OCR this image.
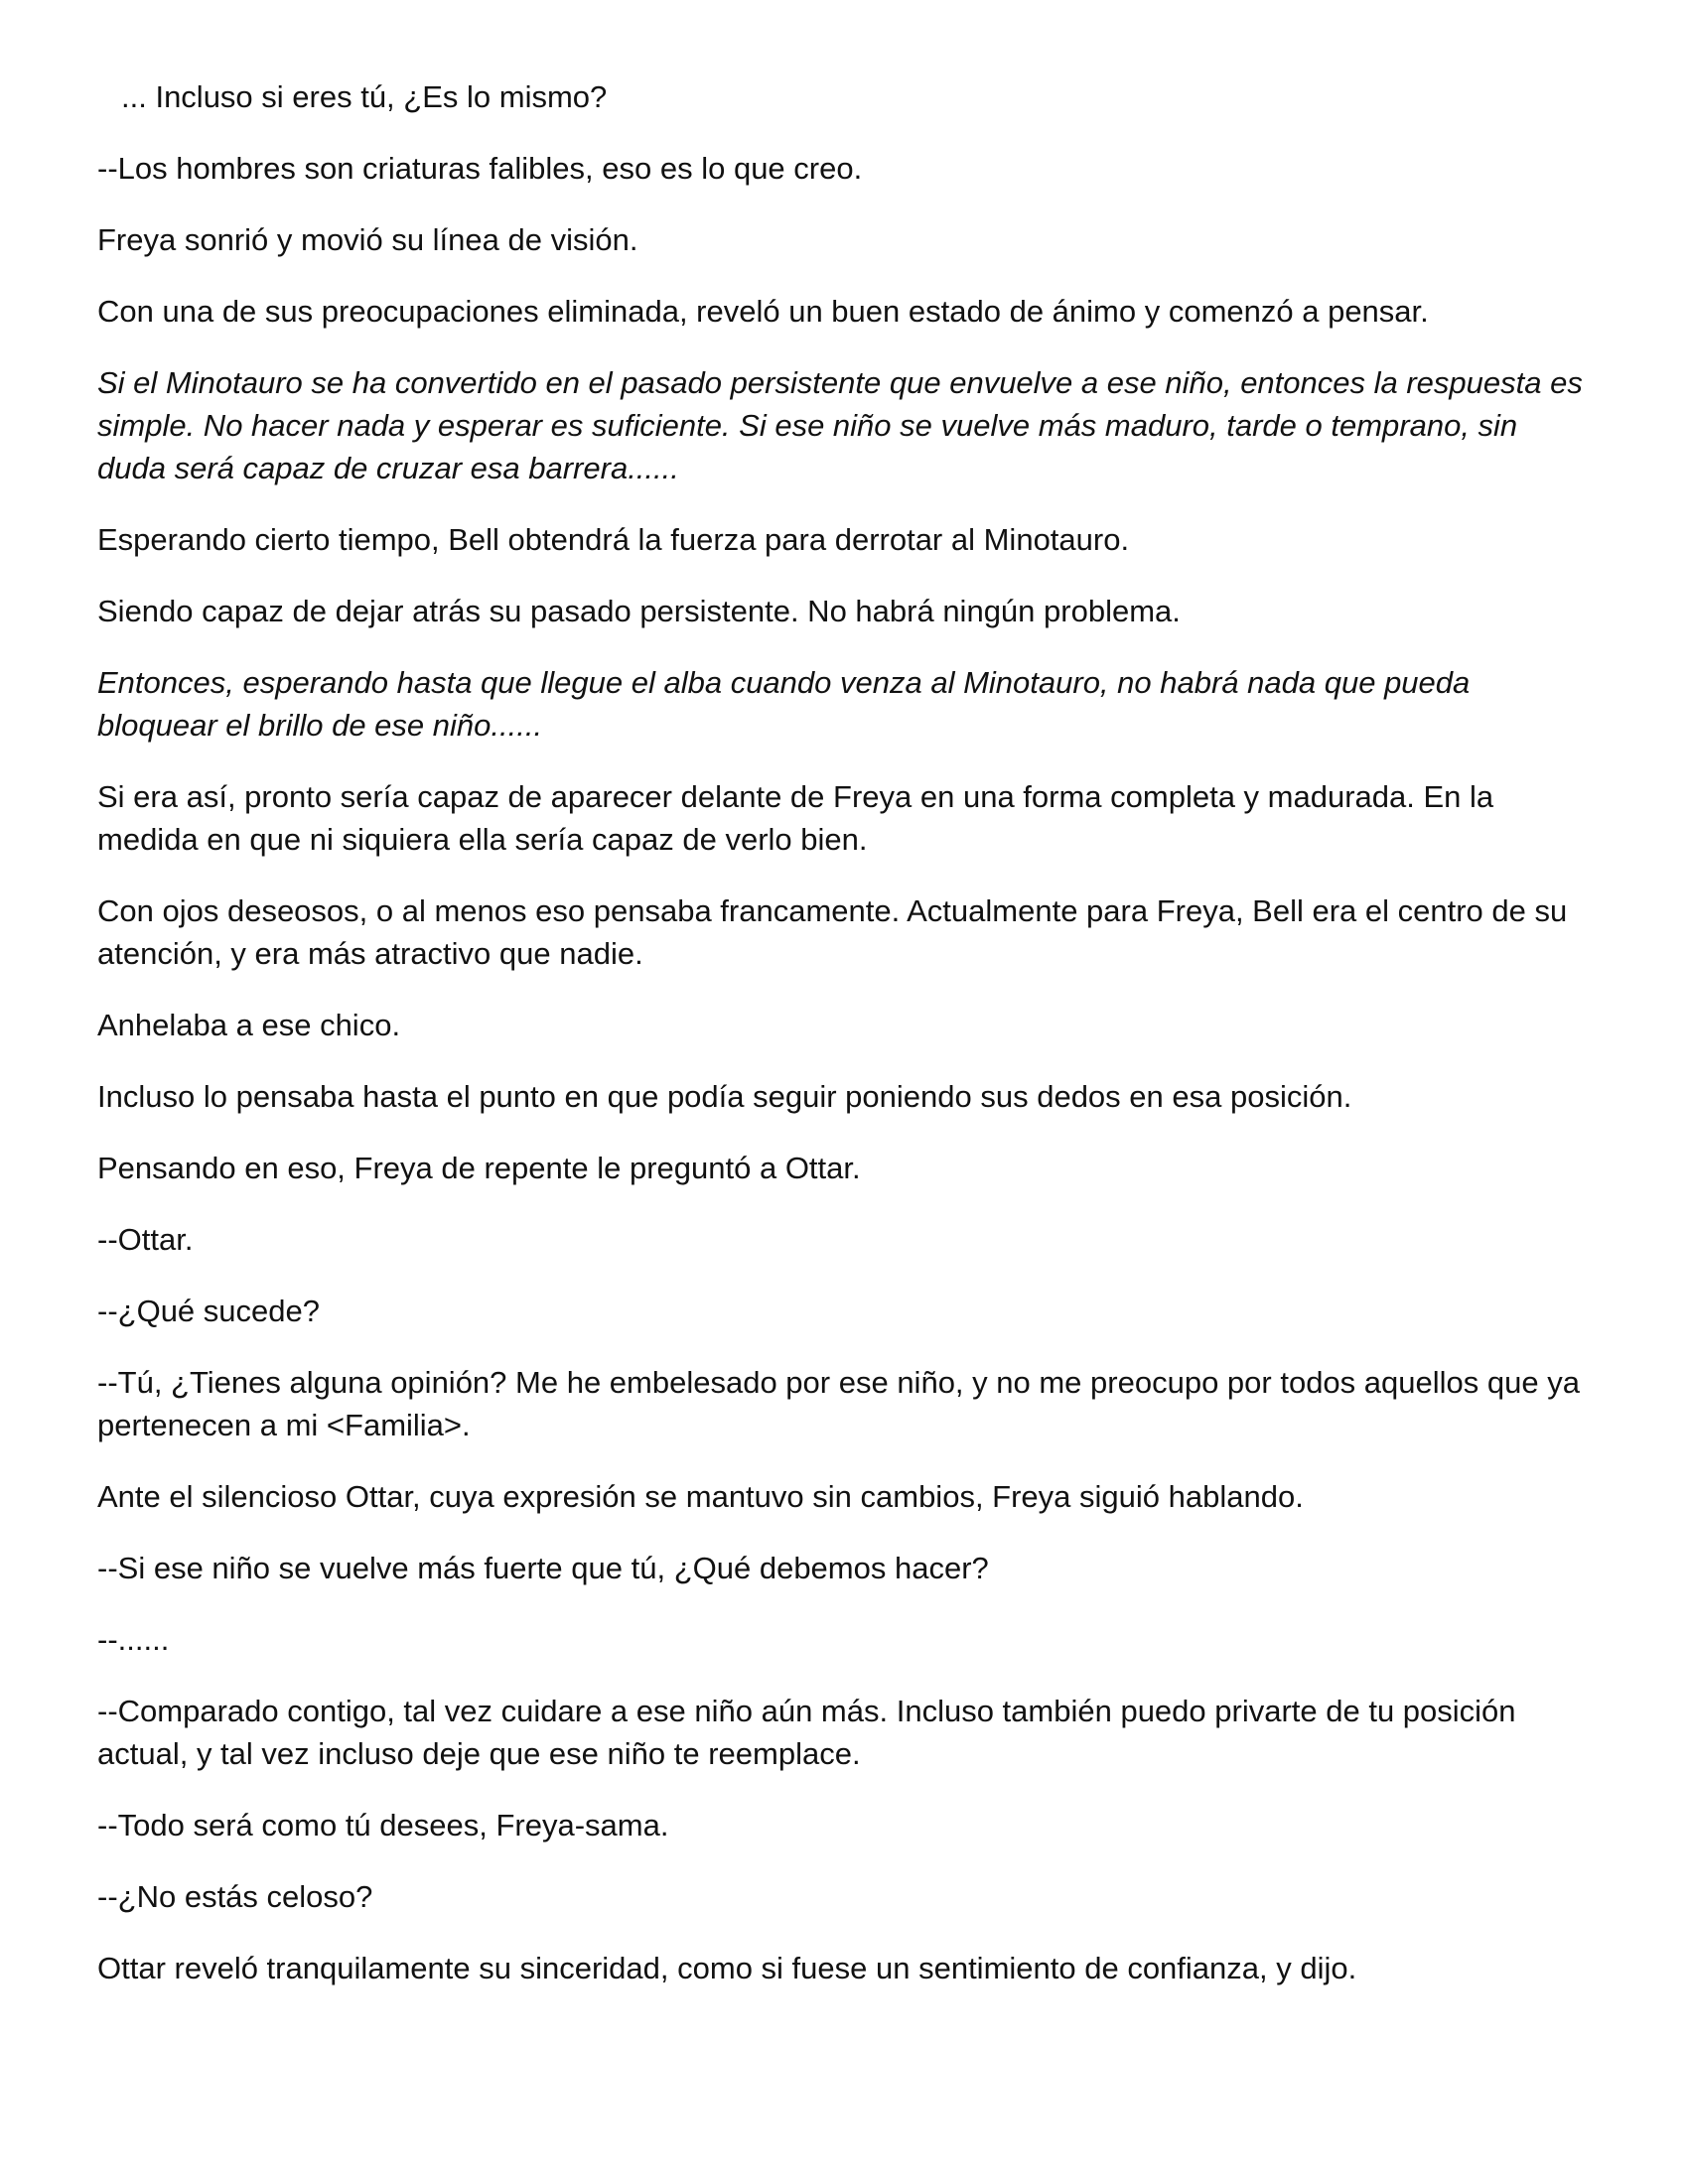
... Incluso si eres tú, ¿Es lo mismo?

--Los hombres son criaturas falibles, eso es lo que creo.

Freya sonrió y movió su línea de visión.

Con una de sus preocupaciones eliminada, reveló un buen estado de ánimo y comenzó a pensar.

Si el Minotauro se ha convertido en el pasado persistente que envuelve a ese niño, entonces la respuesta es simple. No hacer nada y esperar es suficiente. Si ese niño se vuelve más maduro, tarde o temprano, sin duda será capaz de cruzar esa barrera......

Esperando cierto tiempo, Bell obtendrá la fuerza para derrotar al Minotauro.

Siendo capaz de dejar atrás su pasado persistente. No habrá ningún problema.

Entonces, esperando hasta que llegue el alba cuando venza al Minotauro, no habrá nada que pueda bloquear el brillo de ese niño......

Si era así, pronto sería capaz de aparecer delante de Freya en una forma completa y madurada. En la medida en que ni siquiera ella sería capaz de verlo bien.

Con ojos deseosos, o al menos eso pensaba francamente. Actualmente para Freya, Bell era el centro de su atención, y era más atractivo que nadie.

Anhelaba a ese chico.

Incluso lo pensaba hasta el punto en que podía seguir poniendo sus dedos en esa posición.

Pensando en eso, Freya de repente le preguntó a Ottar.

--Ottar.

--¿Qué sucede?

--Tú, ¿Tienes alguna opinión? Me he embelesado por ese niño, y no me preocupo por todos aquellos que ya pertenecen a mi <Familia>.

Ante el silencioso Ottar, cuya expresión se mantuvo sin cambios, Freya siguió hablando.

--Si ese niño se vuelve más fuerte que tú, ¿Qué debemos hacer?

--......

--Comparado contigo, tal vez cuidare a ese niño aún más. Incluso también puedo privarte de tu posición actual, y tal vez incluso deje que ese niño te reemplace.

--Todo será como tú desees, Freya-sama.

--¿No estás celoso?

Ottar reveló tranquilamente su sinceridad, como si fuese un sentimiento de confianza, y dijo.
